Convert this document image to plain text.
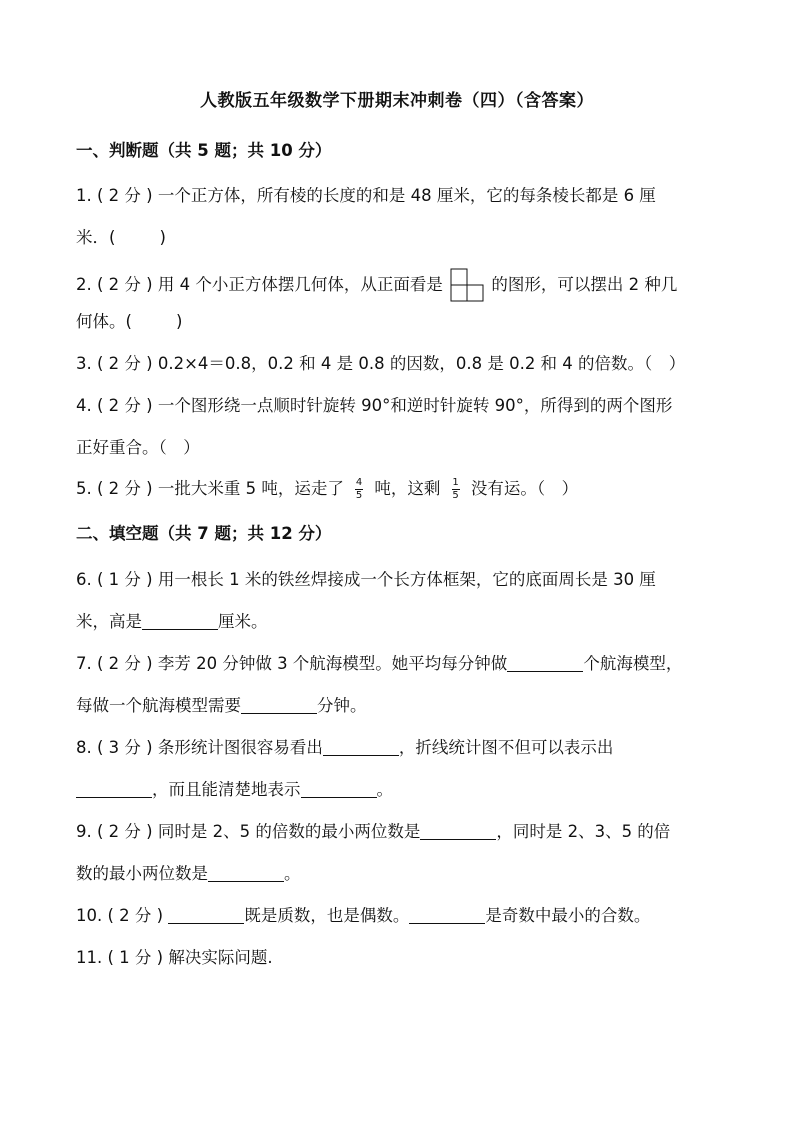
人教版五年级数学下册期末冲刺卷（四）（含答案）
一、判断题（共 5 题；共 10 分）
1. ( 2 分 ) 一个正方体，所有棱的长度的和是 48 厘米，它的每条棱长都是 6 厘
米．(	)
2. ( 2 分 ) 用 4 个小正方体摆几何体，从正面看是	的图形，可以摆出 2 种几
何体。(	)
3. ( 2 分 ) 0.2×4＝0.8，0.2 和 4 是 0.8 的因数，0.8 是 0.2 和 4 的倍数。（　）
4. ( 2 分 ) 一个图形绕一点顺时针旋转 90°和逆时针旋转 90°，所得到的两个图形
正好重合。（　）
5. ( 2 分 ) 一批大米重 5 吨，运走了 $\frac{4}{5}$ 吨，这剩 $\frac{1}{5}$ 没有运。（　）
二、填空题（共 7 题；共 12 分）
6. ( 1 分 ) 用一根长 1 米的铁丝焊接成一个长方体框架，它的底面周长是 30 厘
米，高是	厘米。
7. ( 2 分 ) 李芳 20 分钟做 3 个航海模型。她平均每分钟做	个航海模型，
每做一个航海模型需要	分钟。
8. ( 3 分 ) 条形统计图很容易看出	，折线统计图不但可以表示出
，而且能清楚地表示	。
9. ( 2 分 ) 同时是 2、5 的倍数的最小两位数是	，同时是 2、3、5 的倍
数的最小两位数是	。
10. ( 2 分 )	既是质数，也是偶数。	是奇数中最小的合数。
11. ( 1 分 ) 解决实际问题.
